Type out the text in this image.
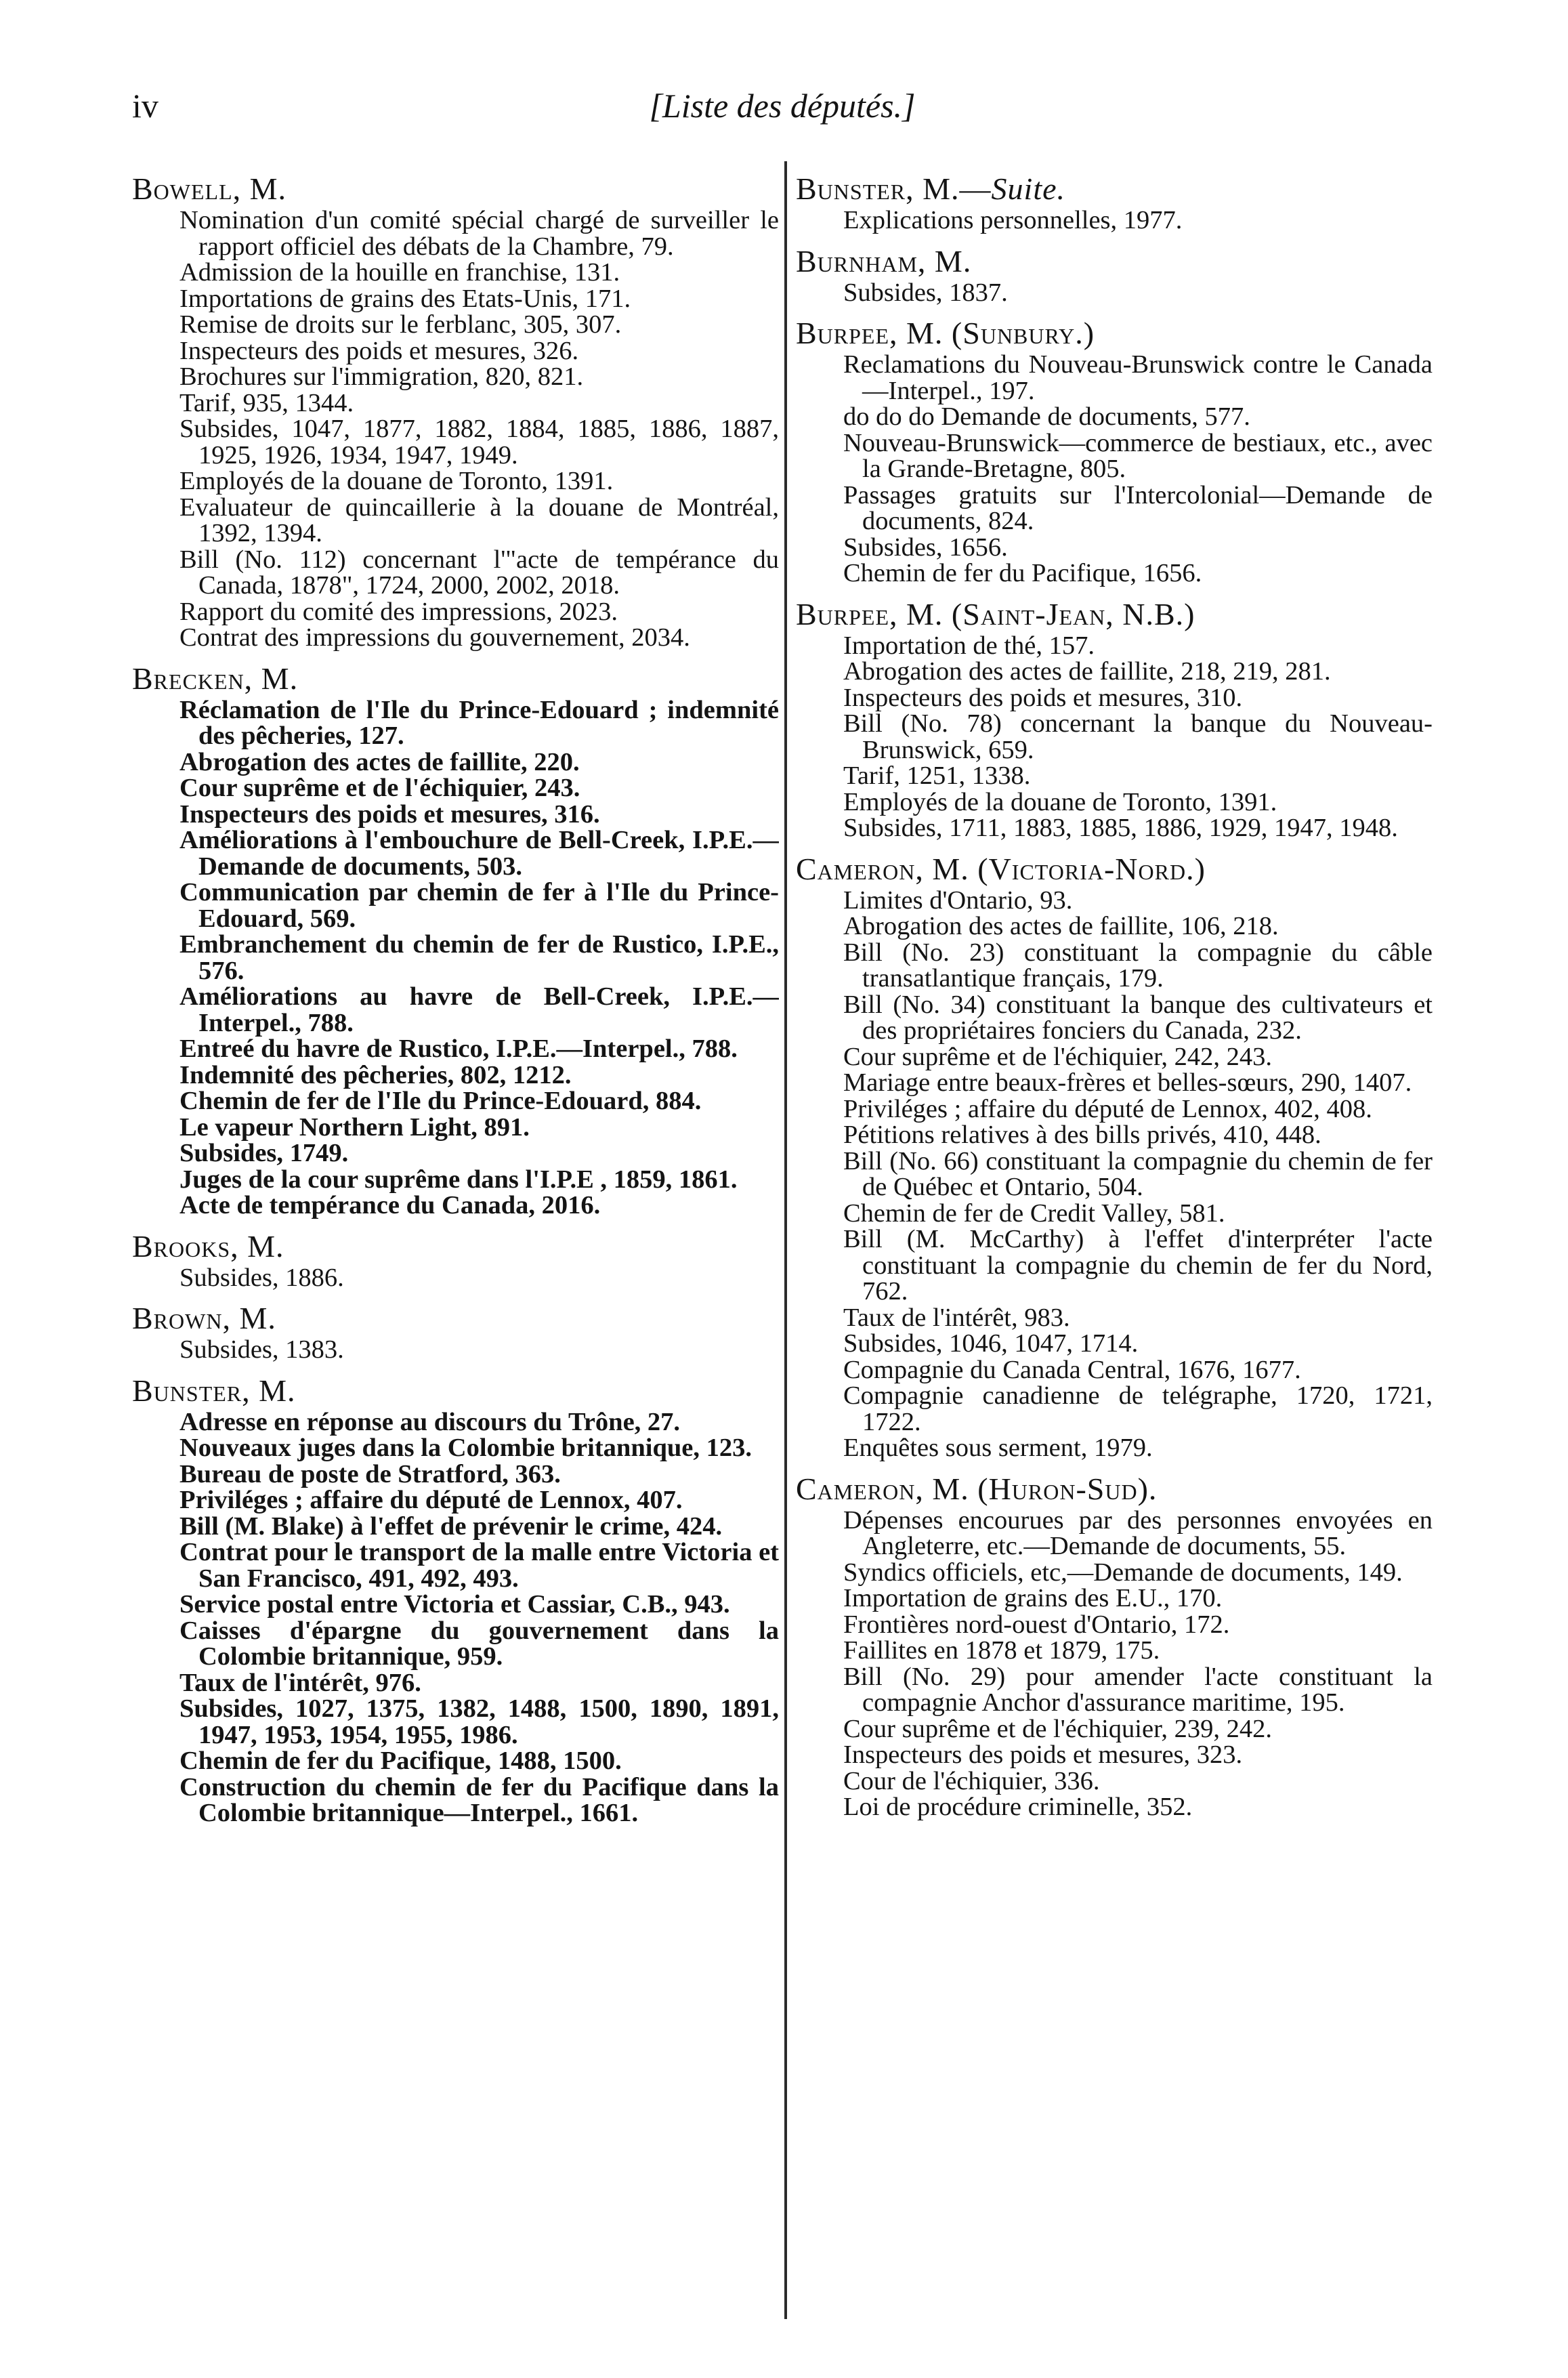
iv	[Liste des députés.]
Bowell, M.
Nomination d'un comité spécial chargé de surveiller le rapport officiel des débats de la Chambre, 79.
Admission de la houille en franchise, 131.
Importations de grains des Etats-Unis, 171.
Remise de droits sur le ferblanc, 305, 307.
Inspecteurs des poids et mesures, 326.
Brochures sur l'immigration, 820, 821.
Tarif, 935, 1344.
Subsides, 1047, 1877, 1882, 1884, 1885, 1886, 1887, 1925, 1926, 1934, 1947, 1949.
Employés de la douane de Toronto, 1391.
Evaluateur de quincaillerie à la douane de Montréal, 1392, 1394.
Bill (No. 112) concernant l'"acte de tempérance du Canada, 1878", 1724, 2000, 2002, 2018.
Rapport du comité des impressions, 2023.
Contrat des impressions du gouvernement, 2034.
Brecken, M.
Réclamation de l'Ile du Prince-Edouard ; indemnité des pêcheries, 127.
Abrogation des actes de faillite, 220.
Cour suprême et de l'échiquier, 243.
Inspecteurs des poids et mesures, 316.
Améliorations à l'embouchure de Bell-Creek, I.P.E.—Demande de documents, 503.
Communication par chemin de fer à l'Ile du Prince-Edouard, 569.
Embranchement du chemin de fer de Rustico, I.P.E., 576.
Améliorations au havre de Bell-Creek, I.P.E.—Interpel., 788.
Entreé du havre de Rustico, I.P.E.—Interpel., 788.
Indemnité des pêcheries, 802, 1212.
Chemin de fer de l'Ile du Prince-Edouard, 884.
Le vapeur Northern Light, 891.
Subsides, 1749.
Juges de la cour suprême dans l'I.P.E , 1859, 1861.
Acte de tempérance du Canada, 2016.
Brooks, M.
Subsides, 1886.
Brown, M.
Subsides, 1383.
Bunster, M.
Adresse en réponse au discours du Trône, 27.
Nouveaux juges dans la Colombie britannique, 123.
Bureau de poste de Stratford, 363.
Priviléges ; affaire du député de Lennox, 407.
Bill (M. Blake) à l'effet de prévenir le crime, 424.
Contrat pour le transport de la malle entre Victoria et San Francisco, 491, 492, 493.
Service postal entre Victoria et Cassiar, C.B., 943.
Caisses d'épargne du gouvernement dans la Colombie britannique, 959.
Taux de l'intérêt, 976.
Subsides, 1027, 1375, 1382, 1488, 1500, 1890, 1891, 1947, 1953, 1954, 1955, 1986.
Chemin de fer du Pacifique, 1488, 1500.
Construction du chemin de fer du Pacifique dans la Colombie britannique—Interpel., 1661.
Bunster, M.—Suite.
Explications personnelles, 1977.
Burnham, M.
Subsides, 1837.
Burpee, M. (Sunbury.)
Reclamations du Nouveau-Brunswick contre le Canada—Interpel., 197.
do do do Demande de documents, 577.
Nouveau-Brunswick—commerce de bestiaux, etc., avec la Grande-Bretagne, 805.
Passages gratuits sur l'Intercolonial—Demande de documents, 824.
Subsides, 1656.
Chemin de fer du Pacifique, 1656.
Burpee, M. (Saint-Jean, N.B.)
Importation de thé, 157.
Abrogation des actes de faillite, 218, 219, 281.
Inspecteurs des poids et mesures, 310.
Bill (No. 78) concernant la banque du Nouveau-Brunswick, 659.
Tarif, 1251, 1338.
Employés de la douane de Toronto, 1391.
Subsides, 1711, 1883, 1885, 1886, 1929, 1947, 1948.
Cameron, M. (Victoria-Nord.)
Limites d'Ontario, 93.
Abrogation des actes de faillite, 106, 218.
Bill (No. 23) constituant la compagnie du câble transatlantique français, 179.
Bill (No. 34) constituant la banque des cultivateurs et des propriétaires fonciers du Canada, 232.
Cour suprême et de l'échiquier, 242, 243.
Mariage entre beaux-frères et belles-sœurs, 290, 1407.
Priviléges ; affaire du député de Lennox, 402, 408.
Pétitions relatives à des bills privés, 410, 448.
Bill (No. 66) constituant la compagnie du chemin de fer de Québec et Ontario, 504.
Chemin de fer de Credit Valley, 581.
Bill (M. McCarthy) à l'effet d'interpréter l'acte constituant la compagnie du chemin de fer du Nord, 762.
Taux de l'intérêt, 983.
Subsides, 1046, 1047, 1714.
Compagnie du Canada Central, 1676, 1677.
Compagnie canadienne de telégraphe, 1720, 1721, 1722.
Enquêtes sous serment, 1979.
Cameron, M. (Huron-Sud).
Dépenses encourues par des personnes envoyées en Angleterre, etc.—Demande de documents, 55.
Syndics officiels, etc,—Demande de documents, 149.
Importation de grains des E.U., 170.
Frontières nord-ouest d'Ontario, 172.
Faillites en 1878 et 1879, 175.
Bill (No. 29) pour amender l'acte constituant la compagnie Anchor d'assurance maritime, 195.
Cour suprême et de l'échiquier, 239, 242.
Inspecteurs des poids et mesures, 323.
Cour de l'échiquier, 336.
Loi de procédure criminelle, 352.
